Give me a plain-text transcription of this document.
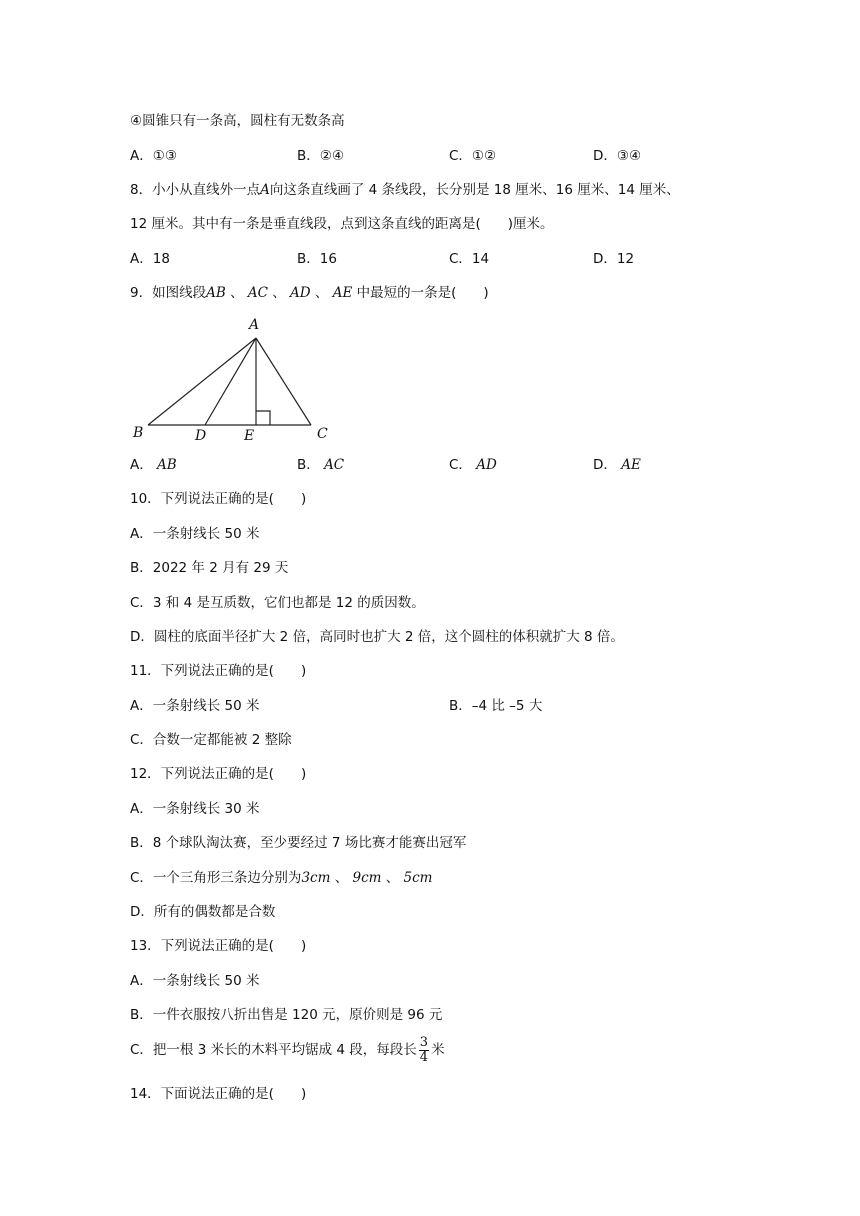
④圆锥只有一条高，圆柱有无数条高
A．①③	B．②④	C．①②	D．③④
8．小小从直线外一点A向这条直线画了 4 条线段，长分别是 18 厘米、16 厘米、14 厘米、
12 厘米。其中有一条是垂直线段，点到这条直线的距离是(　　)厘米。
A．18	B．16	C．14	D．12
9．如图线段AB 、 AC 、 AD 、 AE 中最短的一条是(　　)
A
B	D	E	C
A． AB	B． AC	C． AD	D． AE
10．下列说法正确的是(　　)
A．一条射线长 50 米
B．2022 年 2 月有 29 天
C．3 和 4 是互质数，它们也都是 12 的质因数。
D．圆柱的底面半径扩大 2 倍，高同时也扩大 2 倍，这个圆柱的体积就扩大 8 倍。
11．下列说法正确的是(　　)
A．一条射线长 50 米	B．–4 比 –5 大
C．合数一定都能被 2 整除
12．下列说法正确的是(　　)
A．一条射线长 30 米
B．8 个球队淘汰赛，至少要经过 7 场比赛才能赛出冠军
C．一个三角形三条边分别为3cm 、 9cm 、 5cm
D．所有的偶数都是合数
13．下列说法正确的是(　　)
A．一条射线长 50 米
B．一件衣服按八折出售是 120 元，原价则是 96 元
C．把一根 3 米长的木料平均锯成 4 段，每段长 $\frac{3}{4}$ 米
14．下面说法正确的是(　　)
